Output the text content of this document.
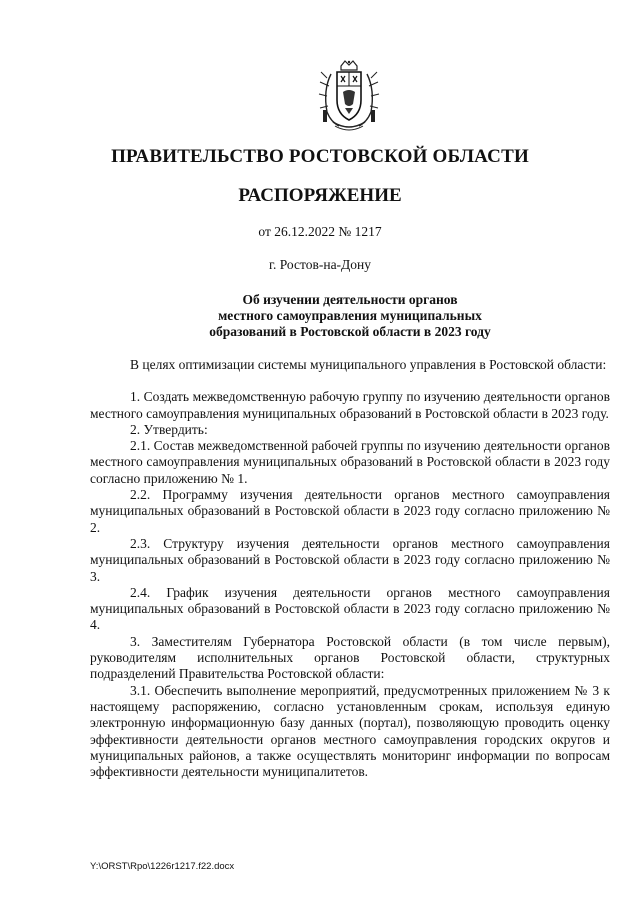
ПРАВИТЕЛЬСТВО РОСТОВСКОЙ ОБЛАСТИ
РАСПОРЯЖЕНИЕ
от 26.12.2022 № 1217
г. Ростов-на-Дону
Об изучении деятельности органов
местного самоуправления муниципальных
образований в Ростовской области в 2023 году

В целях оптимизации системы муниципального управления в Ростовской области:

1. Создать межведомственную рабочую группу по изучению деятельности органов местного самоуправления муниципальных образований в Ростовской области в 2023 году.

2. Утвердить:

2.1. Состав межведомственной рабочей группы по изучению деятельности органов местного самоуправления муниципальных образований в Ростовской области в 2023 году согласно приложению № 1.

2.2. Программу изучения деятельности органов местного самоуправления муниципальных образований в Ростовской области в 2023 году согласно приложению № 2.

2.3. Структуру изучения деятельности органов местного самоуправления муниципальных образований в Ростовской области в 2023 году согласно приложению № 3.

2.4. График изучения деятельности органов местного самоуправления муниципальных образований в Ростовской области в 2023 году согласно приложению № 4.

3. Заместителям Губернатора Ростовской области (в том числе первым), руководителям исполнительных органов Ростовской области, структурных подразделений Правительства Ростовской области:

3.1. Обеспечить выполнение мероприятий, предусмотренных приложением № 3 к настоящему распоряжению, согласно установленным срокам, используя единую электронную информационную базу данных (портал), позволяющую проводить оценку эффективности деятельности органов местного самоуправления городских округов и муниципальных районов, а также осуществлять мониторинг информации по вопросам эффективности деятельности муниципалитетов.

Y:\ORST\Rpo\1226r1217.f22.docx
